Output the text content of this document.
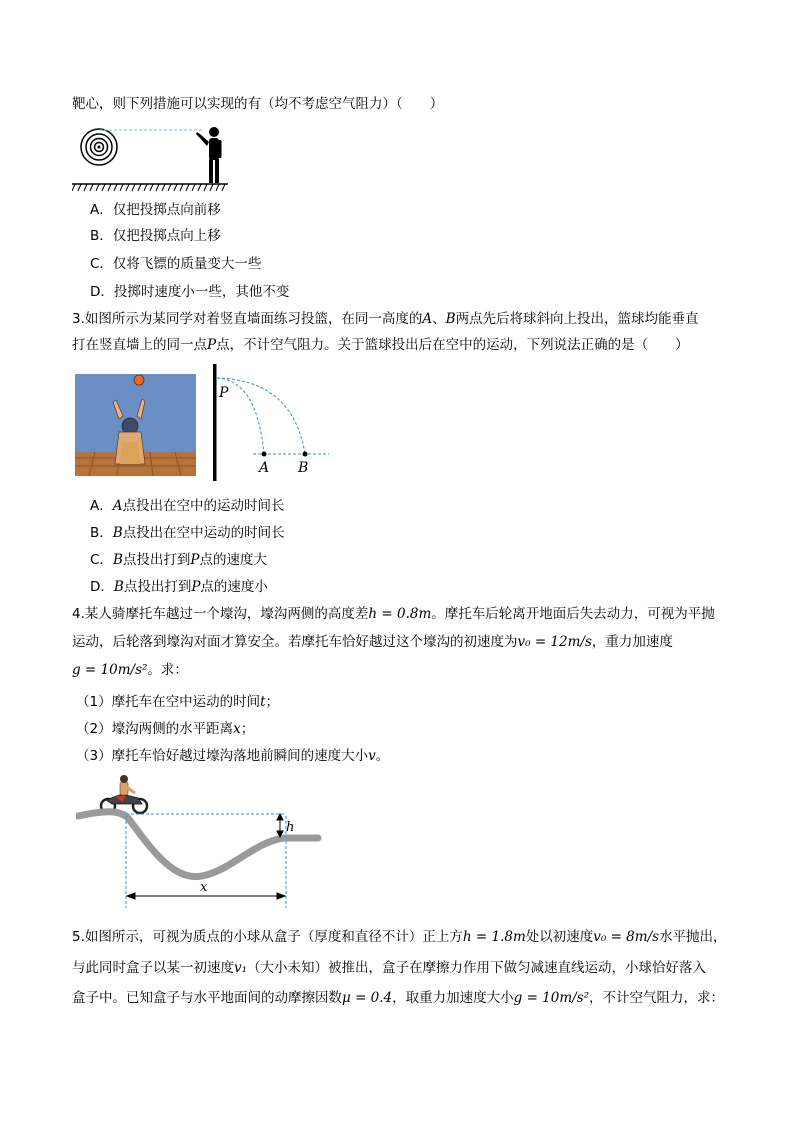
靶心，则下列措施可以实现的有（均不考虑空气阻力）（　　）
A．仅把投掷点向前移
B．仅把投掷点向上移
C．仅将飞镖的质量变大一些
D．投掷时速度小一些，其他不变
3.如图所示为某同学对着竖直墙面练习投篮，在同一高度的A、B两点先后将球斜向上投出，篮球均能垂直
打在竖直墙上的同一点P点，不计空气阻力。关于篮球投出后在空中的运动，下列说法正确的是（　　）
P
A B
A．A点投出在空中的运动时间长
B．B点投出在空中运动的时间长
C．B点投出打到P点的速度大
D．B点投出打到P点的速度小
4.某人骑摩托车越过一个壕沟，壕沟两侧的高度差h = 0.8m。摩托车后轮离开地面后失去动力，可视为平抛
运动，后轮落到壕沟对面才算安全。若摩托车恰好越过这个壕沟的初速度为v₀ = 12m/s，重力加速度
g = 10m/s²。求：
（1）摩托车在空中运动的时间t；
（2）壕沟两侧的水平距离x；
（3）摩托车恰好越过壕沟落地前瞬间的速度大小v。
h
x
5.如图所示，可视为质点的小球从盒子（厚度和直径不计）正上方h = 1.8m处以初速度v₀ = 8m/s水平抛出，
与此同时盒子以某一初速度v₁（大小未知）被推出，盒子在摩擦力作用下做匀减速直线运动，小球恰好落入
盒子中。已知盒子与水平地面间的动摩擦因数μ = 0.4，取重力加速度大小g = 10m/s²，不计空气阻力，求：
